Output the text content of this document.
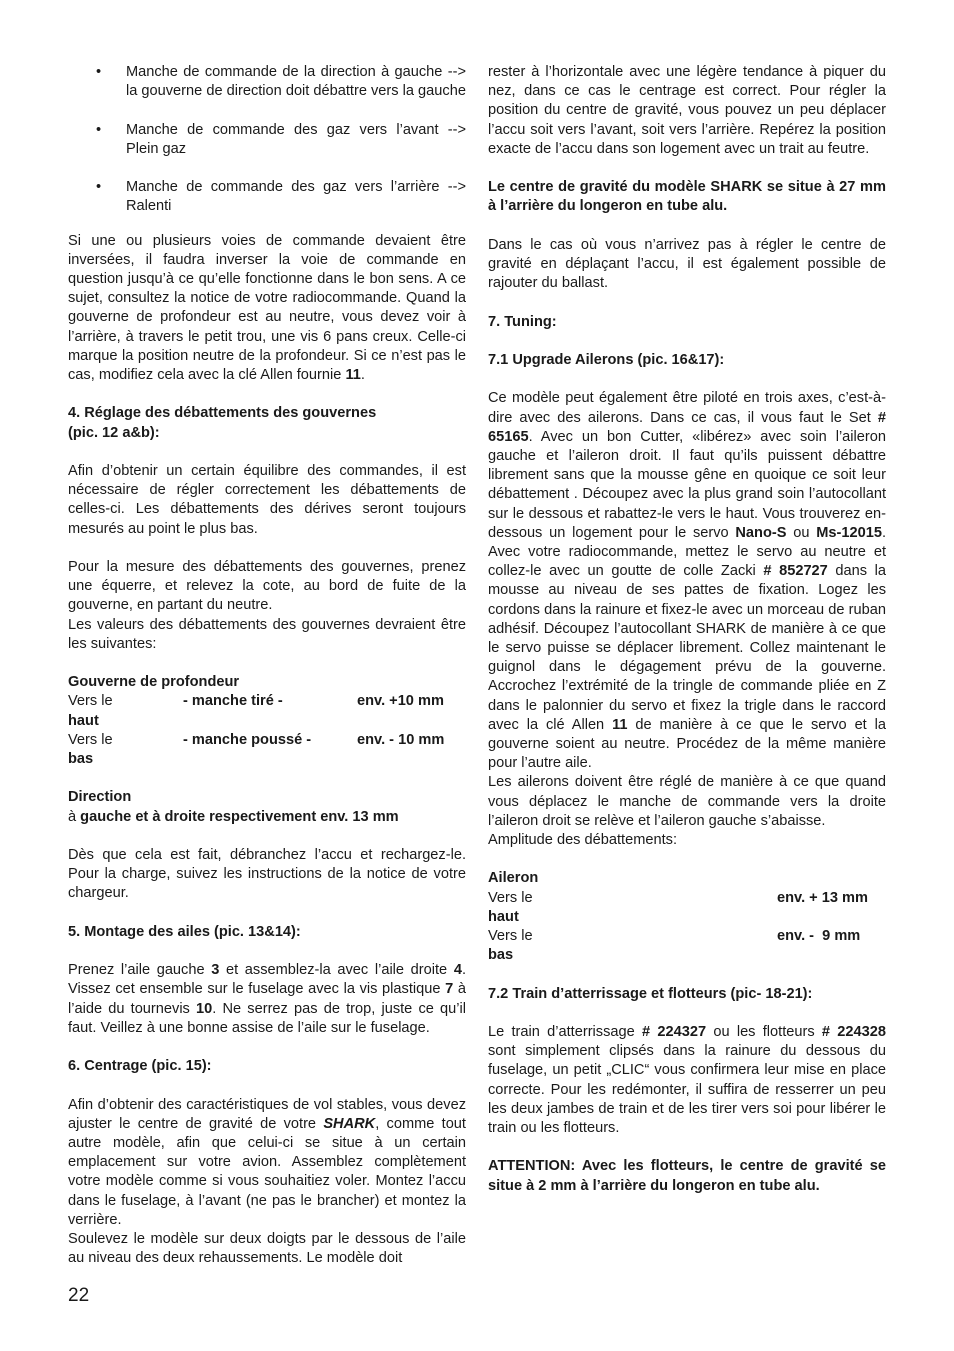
• Manche de commande de la direction à gauche --> la gouverne de direction doit débattre vers la gauche
• Manche de commande des gaz vers l’avant --> Plein gaz
• Manche de commande des gaz vers l’arrière --> Ralenti

Si une ou plusieurs voies de commande devaient être inversées, il faudra inverser la voie de commande en question jusqu’à ce qu’elle fonctionne dans le bon sens. A ce sujet, consultez la notice de votre radiocommande. Quand la gouverne de profondeur est au neutre, vous devez voir à l’arrière, à travers le petit trou, une vis 6 pans creux. Celle-ci marque la position neutre de la profondeur. Si ce n’est pas le cas, modifiez cela avec la clé Allen fournie 11.

4. Réglage des débattements des gouvernes
(pic. 12 a&b):

Afin d’obtenir un certain équilibre des commandes, il est nécessaire de régler correctement les débattements de celles-ci. Les débattements des dérives seront toujours mesurés au point le plus bas.

Pour la mesure des débattements des gouvernes, prenez une équerre, et relevez la cote, au bord de fuite de la gouverne, en partant du neutre.

Les valeurs des débattements des gouvernes devraient être les suivantes:

Gouverne de profondeur

Vers le
haut
- manche tiré -	env. +10 mm
Vers le
bas
- manche poussé -	env. - 10 mm

Direction

à gauche et à droite respectivement env. 13 mm

Dès que cela est fait, débranchez l’accu et rechargez-le. Pour la charge, suivez les instructions de la notice de votre chargeur.

5. Montage des ailes (pic. 13&14):

Prenez l’aile gauche 3 et assemblez-la avec l’aile droite 4. Vissez cet ensemble sur le fuselage avec la vis plastique 7 à l’aide du tournevis 10. Ne serrez pas de trop, juste ce qu’il faut. Veillez à une bonne assise de l’aile sur le fuselage.

6. Centrage (pic. 15):

Afin d’obtenir des caractéristiques de vol stables, vous devez ajuster le centre de gravité de votre SHARK, comme tout autre modèle, afin que celui-ci se situe à un certain emplacement sur votre avion. Assemblez complètement votre modèle comme si vous souhaitiez voler. Montez l’accu dans le fuselage, à l’avant (ne pas le brancher) et montez la verrière.

Soulevez le modèle sur deux doigts par le dessous de l’aile au niveau des deux rehaussements. Le modèle doit

rester à l’horizontale avec une légère tendance à piquer du nez, dans ce cas le centrage est correct. Pour régler la position du centre de gravité, vous pouvez un peu déplacer l’accu soit vers l’avant, soit vers l’arrière. Repérez la position exacte de l’accu dans son logement avec un trait au feutre.

Le centre de gravité du modèle SHARK se situe à 27 mm à l’arrière du longeron en tube alu.

Dans le cas où vous n’arrivez pas à régler le centre de gravité en déplaçant l’accu, il est également possible de rajouter du ballast.

7. Tuning:

7.1 Upgrade Ailerons (pic. 16&17):

Ce modèle peut également être piloté en trois axes, c’est-à-dire avec des ailerons. Dans ce cas, il vous faut le Set # 65165. Avec un bon Cutter, «libérez» avec soin l’aileron gauche et l’aileron droit. Il faut qu’ils puissent débattre librement sans que la mousse gêne en quoique ce soit leur débattement . Découpez avec la plus grand soin l’autocollant sur le dessous et rabattez-le vers le haut. Vous trouverez en-dessous un logement pour le servo Nano-S ou Ms-12015. Avec votre radiocommande, mettez le servo au neutre et collez-le avec un goutte de colle Zacki # 852727 dans la mousse au niveau de ses pattes de fixation. Logez les cordons dans la rainure et fixez-le avec un morceau de ruban adhésif. Découpez l’autocollant SHARK de manière à ce que le servo puisse se déplacer librement. Collez maintenant le guignol dans le dégagement prévu de la gouverne. Accrochez l’extrémité de la tringle de commande pliée en Z dans le palonnier du servo et fixez la trigle dans le raccord avec la clé Allen 11 de manière à ce que le servo et la gouverne soient au neutre. Procédez de la même manière pour l’autre aile.

Les ailerons doivent être réglé de manière à ce que quand vous déplacez le manche de commande vers la droite l’aileron droit se relève et l’aileron gauche s’abaisse.

Amplitude des débattements:

Aileron

Vers le
haut
env. + 13 mm
Vers le
bas
env. -  9 mm

7.2 Train d’atterrissage et flotteurs (pic- 18-21):

Le train d’atterrissage # 224327 ou les flotteurs # 224328 sont simplement clipsés dans la rainure du dessous du fuselage, un petit „CLIC“ vous confirmera leur mise en place correcte. Pour les redémonter, il suffira de resserrer un peu les deux jambes de train et de les tirer vers soi pour libérer le train ou les flotteurs.

ATTENTION: Avec les flotteurs, le centre de gravité se situe à 2 mm à l’arrière du longeron en tube alu.

22
